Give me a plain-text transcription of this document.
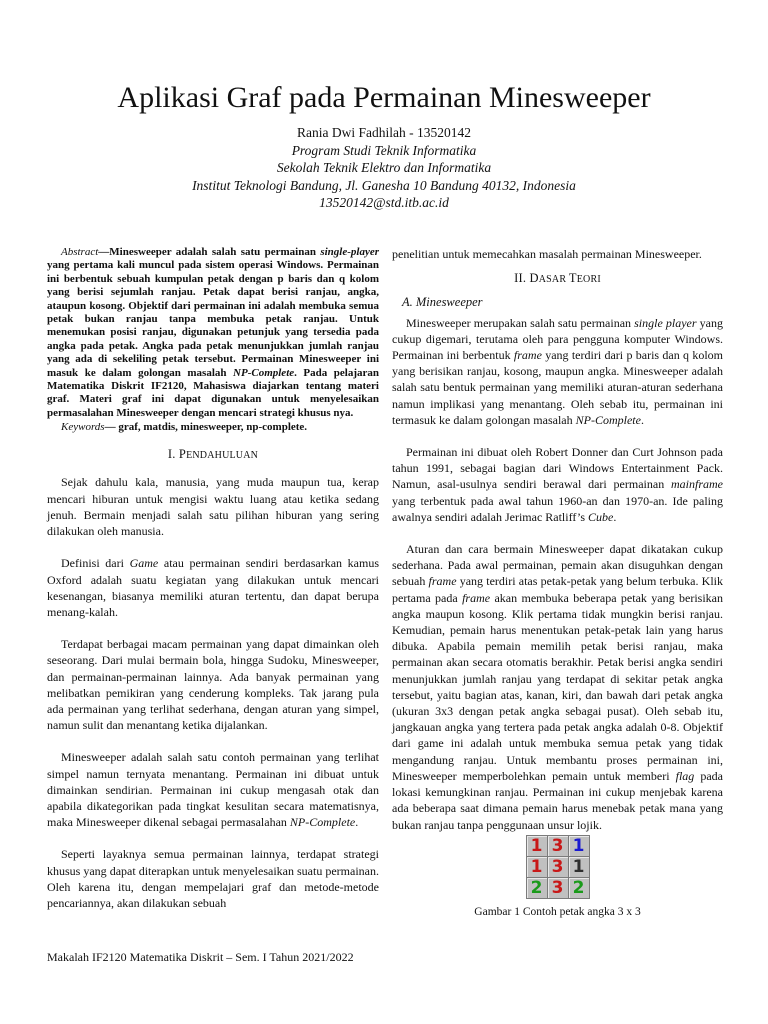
Aplikasi Graf pada Permainan Minesweeper
Rania Dwi Fadhilah - 13520142
Program Studi Teknik Informatika
Sekolah Teknik Elektro dan Informatika
Institut Teknologi Bandung, Jl. Ganesha 10 Bandung 40132, Indonesia
13520142@std.itb.ac.id

Abstract—Minesweeper adalah salah satu permainan single-player yang pertama kali muncul pada sistem operasi Windows. Permainan ini berbentuk sebuah kumpulan petak dengan p baris dan q kolom yang berisi sejumlah ranjau. Petak dapat berisi ranjau, angka, ataupun kosong. Objektif dari permainan ini adalah membuka semua petak bukan ranjau tanpa membuka petak ranjau. Untuk menemukan posisi ranjau, digunakan petunjuk yang tersedia pada angka pada petak. Angka pada petak menunjukkan jumlah ranjau yang ada di sekeliling petak tersebut. Permainan Minesweeper ini masuk ke dalam golongan masalah NP-Complete. Pada pelajaran Matematika Diskrit IF2120, Mahasiswa diajarkan tentang materi graf. Materi graf ini dapat digunakan untuk menyelesaikan permasalahan Minesweeper dengan mencari strategi khusus nya.

Keywords— graf, matdis, minesweeper, np-complete.

I. PENDAHULUAN

Sejak dahulu kala, manusia, yang muda maupun tua, kerap mencari hiburan untuk mengisi waktu luang atau ketika sedang jenuh. Bermain menjadi salah satu pilihan hiburan yang sering dilakukan oleh manusia.

Definisi dari Game atau permainan sendiri berdasarkan kamus Oxford adalah suatu kegiatan yang dilakukan untuk mencari kesenangan, biasanya memiliki aturan tertentu, dan dapat berupa menang-kalah.

Terdapat berbagai macam permainan yang dapat dimainkan oleh seseorang. Dari mulai bermain bola, hingga Sudoku, Minesweeper, dan permainan-permainan lainnya. Ada banyak permainan yang melibatkan pemikiran yang cenderung kompleks. Tak jarang pula ada permainan yang terlihat sederhana, dengan aturan yang simpel, namun sulit dan menantang ketika dijalankan.

Minesweeper adalah salah satu contoh permainan yang terlihat simpel namun ternyata menantang. Permainan ini dibuat untuk dimainkan sendirian. Permainan ini cukup mengasah otak dan apabila dikategorikan pada tingkat kesulitan secara matematisnya, maka Minesweeper dikenal sebagai permasalahan NP-Complete.

Seperti layaknya semua permainan lainnya, terdapat strategi khusus yang dapat diterapkan untuk menyelesaikan suatu permainan. Oleh karena itu, dengan mempelajari graf dan metode-metode pencariannya, akan dilakukan sebuah

penelitian untuk memecahkan masalah permainan Minesweeper.

II. DASAR TEORI
A. Minesweeper

Minesweeper merupakan salah satu permainan single player yang cukup digemari, terutama oleh para pengguna komputer Windows. Permainan ini berbentuk frame yang terdiri dari p baris dan q kolom yang berisikan ranjau, kosong, maupun angka. Minesweeper adalah salah satu bentuk permainan yang memiliki aturan-aturan sederhana namun implikasi yang menantang. Oleh sebab itu, permainan ini termasuk ke dalam golongan masalah NP-Complete.

Permainan ini dibuat oleh Robert Donner dan Curt Johnson pada tahun 1991, sebagai bagian dari Windows Entertainment Pack. Namun, asal-usulnya sendiri berawal dari permainan mainframe yang terbentuk pada awal tahun 1960-an dan 1970-an. Ide paling awalnya sendiri adalah Jerimac Ratliff’s Cube.

Aturan dan cara bermain Minesweeper dapat dikatakan cukup sederhana. Pada awal permainan, pemain akan disuguhkan dengan sebuah frame yang terdiri atas petak-petak yang belum terbuka. Klik pertama pada frame akan membuka beberapa petak yang berisikan angka maupun kosong. Klik pertama tidak mungkin berisi ranjau. Kemudian, pemain harus menentukan petak-petak lain yang harus dibuka. Apabila pemain memilih petak berisi ranjau, maka permainan akan secara otomatis berakhir. Petak berisi angka sendiri menunjukkan jumlah ranjau yang terdapat di sekitar petak angka tersebut, yaitu bagian atas, kanan, kiri, dan bawah dari petak angka (ukuran 3x3 dengan petak angka sebagai pusat). Oleh sebab itu, jangkauan angka yang tertera pada petak angka adalah 0-8. Objektif dari game ini adalah untuk membuka semua petak yang tidak mengandung ranjau. Untuk membantu proses permainan ini, Minesweeper memperbolehkan pemain untuk memberi flag pada lokasi kemungkinan ranjau. Permainan ini cukup menjebak karena ada beberapa saat dimana pemain harus menebak petak mana yang bukan ranjau tanpa penggunaan unsur lojik.

1 3 1
1 3 1
2 3 2
Gambar 1 Contoh petak angka 3 x 3
Makalah IF2120 Matematika Diskrit – Sem. I Tahun 2021/2022
